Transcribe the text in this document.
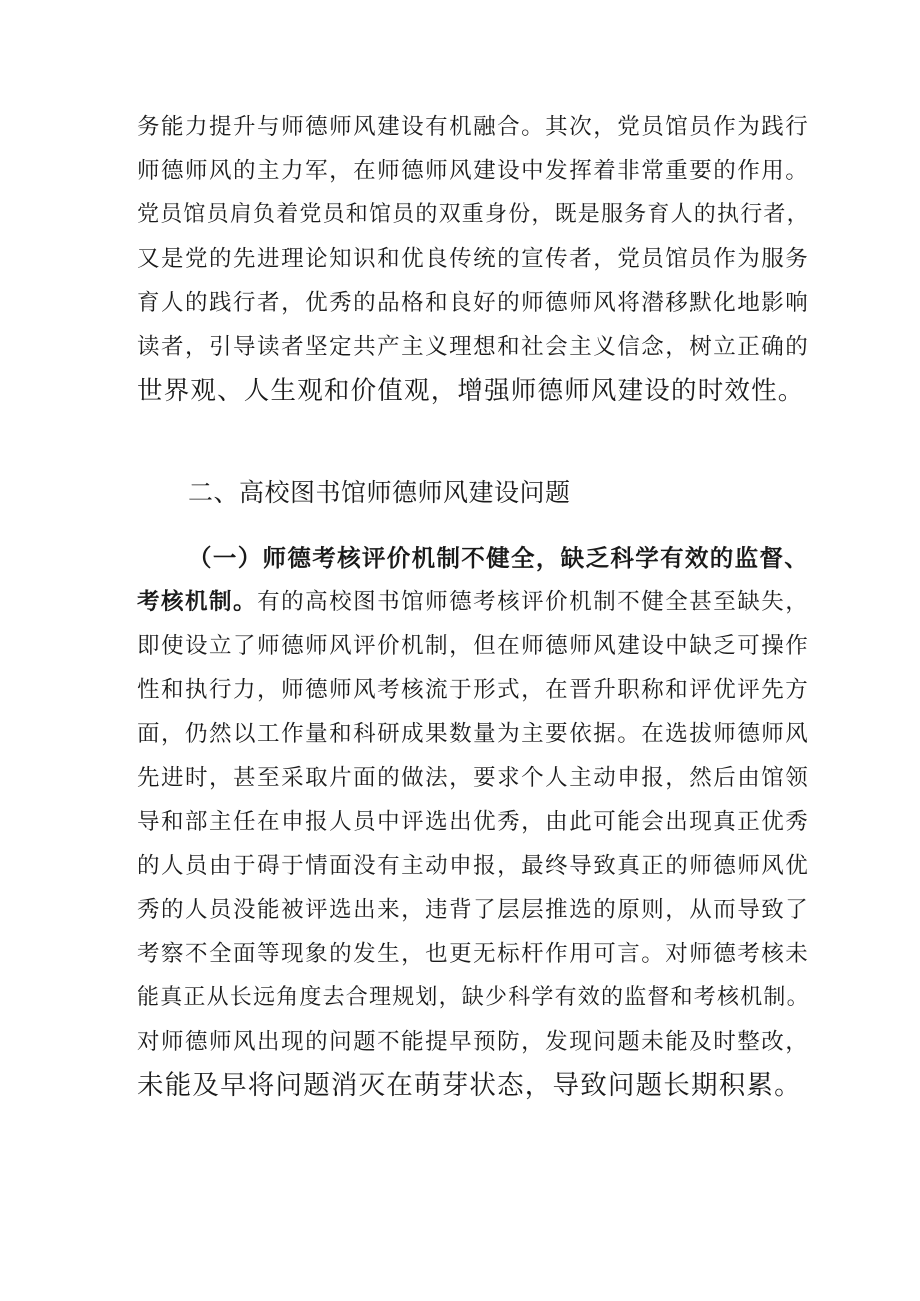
务能力提升与师德师风建设有机融合。其次，党员馆员作为践行
师德师风的主力军，在师德师风建设中发挥着非常重要的作用。
党员馆员肩负着党员和馆员的双重身份，既是服务育人的执行者，
又是党的先进理论知识和优良传统的宣传者，党员馆员作为服务
育人的践行者，优秀的品格和良好的师德师风将潜移默化地影响
读者，引导读者坚定共产主义理想和社会主义信念，树立正确的
世界观、人生观和价值观，增强师德师风建设的时效性。
二、高校图书馆师德师风建设问题
（一）师德考核评价机制不健全，缺乏科学有效的监督、
考核机制。有的高校图书馆师德考核评价机制不健全甚至缺失，
即使设立了师德师风评价机制，但在师德师风建设中缺乏可操作
性和执行力，师德师风考核流于形式，在晋升职称和评优评先方
面，仍然以工作量和科研成果数量为主要依据。在选拔师德师风
先进时，甚至采取片面的做法，要求个人主动申报，然后由馆领
导和部主任在申报人员中评选出优秀，由此可能会出现真正优秀
的人员由于碍于情面没有主动申报，最终导致真正的师德师风优
秀的人员没能被评选出来，违背了层层推选的原则，从而导致了
考察不全面等现象的发生，也更无标杆作用可言。对师德考核未
能真正从长远角度去合理规划，缺少科学有效的监督和考核机制。
对师德师风出现的问题不能提早预防，发现问题未能及时整改，
未能及早将问题消灭在萌芽状态，导致问题长期积累。
